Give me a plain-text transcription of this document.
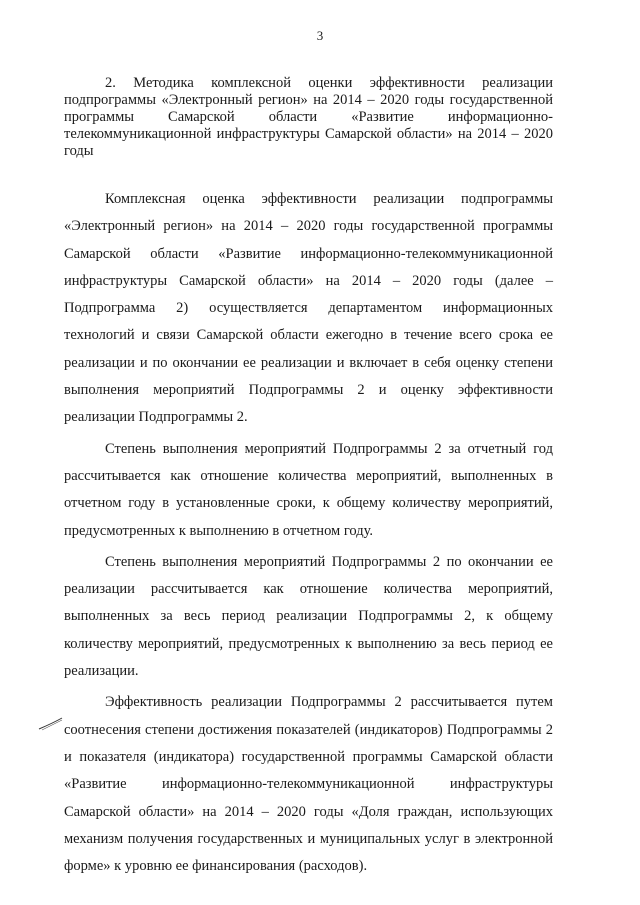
3
2. Методика комплексной оценки эффективности реализации подпрограммы «Электронный регион» на 2014 – 2020 годы государственной программы Самарской области «Развитие информационно-телекоммуникационной инфраструктуры Самарской области» на 2014 – 2020 годы

Комплексная оценка эффективности реализации подпрограммы «Электронный регион» на 2014 – 2020 годы государственной программы Самарской области «Развитие информационно-телекоммуникационной инфраструктуры Самарской области» на 2014 – 2020 годы (далее – Подпрограмма 2) осуществляется департаментом информационных технологий и связи Самарской области ежегодно в течение всего срока ее реализации и по окончании ее реализации и включает в себя оценку степени выполнения мероприятий Подпрограммы 2 и оценку эффективности реализации Подпрограммы 2.

Степень выполнения мероприятий Подпрограммы 2 за отчетный год рассчитывается как отношение количества мероприятий, выполненных в отчетном году в установленные сроки, к общему количеству мероприятий, предусмотренных к выполнению в отчетном году.

Степень выполнения мероприятий Подпрограммы 2 по окончании ее реализации рассчитывается как отношение количества мероприятий, выполненных за весь период реализации Подпрограммы 2, к общему количеству мероприятий, предусмотренных к выполнению за весь период ее реализации.

Эффективность реализации Подпрограммы 2 рассчитывается путем соотнесения степени достижения показателей (индикаторов) Подпрограммы 2 и показателя (индикатора) государственной программы Самарской области «Развитие информационно-телекоммуникационной инфраструктуры Самарской области» на 2014 – 2020 годы «Доля граждан, использующих механизм получения государственных и муниципальных услуг в электронной форме» к уровню ее финансирования (расходов).
